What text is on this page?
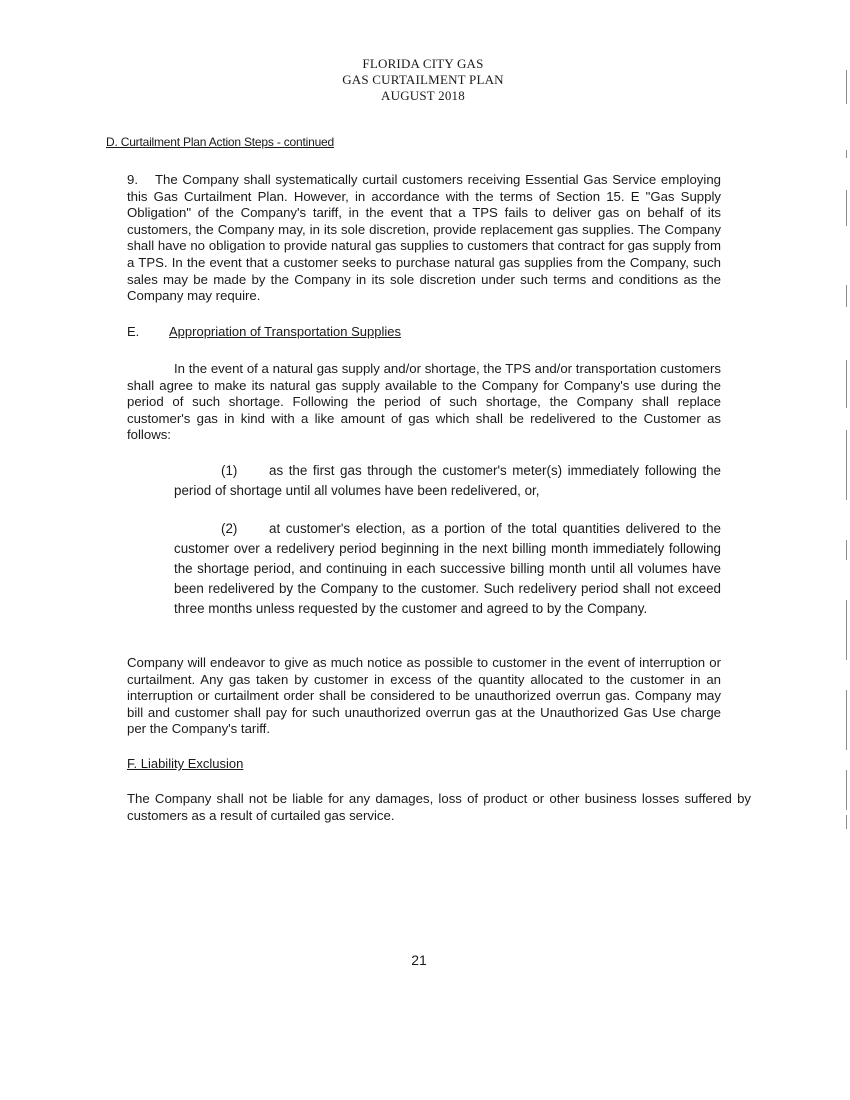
FLORIDA CITY GAS
GAS CURTAILMENT PLAN
AUGUST 2018
D. Curtailment Plan Action Steps - continued

9. The Company shall systematically curtail customers receiving Essential Gas Service employing this Gas Curtailment Plan. However, in accordance with the terms of Section 15. E "Gas Supply Obligation" of the Company's tariff, in the event that a TPS fails to deliver gas on behalf of its customers, the Company may, in its sole discretion, provide replacement gas supplies. The Company shall have no obligation to provide natural gas supplies to customers that contract for gas supply from a TPS. In the event that a customer seeks to purchase natural gas supplies from the Company, such sales may be made by the Company in its sole discretion under such terms and conditions as the Company may require.

E. Appropriation of Transportation Supplies

In the event of a natural gas supply and/or shortage, the TPS and/or transportation customers shall agree to make its natural gas supply available to the Company for Company's use during the period of such shortage. Following the period of such shortage, the Company shall replace customer's gas in kind with a like amount of gas which shall be redelivered to the Customer as follows:

(1) as the first gas through the customer's meter(s) immediately following the period of shortage until all volumes have been redelivered, or,

(2) at customer's election, as a portion of the total quantities delivered to the customer over a redelivery period beginning in the next billing month immediately following the shortage period, and continuing in each successive billing month until all volumes have been redelivered by the Company to the customer. Such redelivery period shall not exceed three months unless requested by the customer and agreed to by the Company.

Company will endeavor to give as much notice as possible to customer in the event of interruption or curtailment. Any gas taken by customer in excess of the quantity allocated to the customer in an interruption or curtailment order shall be considered to be unauthorized overrun gas. Company may bill and customer shall pay for such unauthorized overrun gas at the Unauthorized Gas Use charge per the Company's tariff.

F. Liability Exclusion

The Company shall not be liable for any damages, loss of product or other business losses suffered by customers as a result of curtailed gas service.

21
